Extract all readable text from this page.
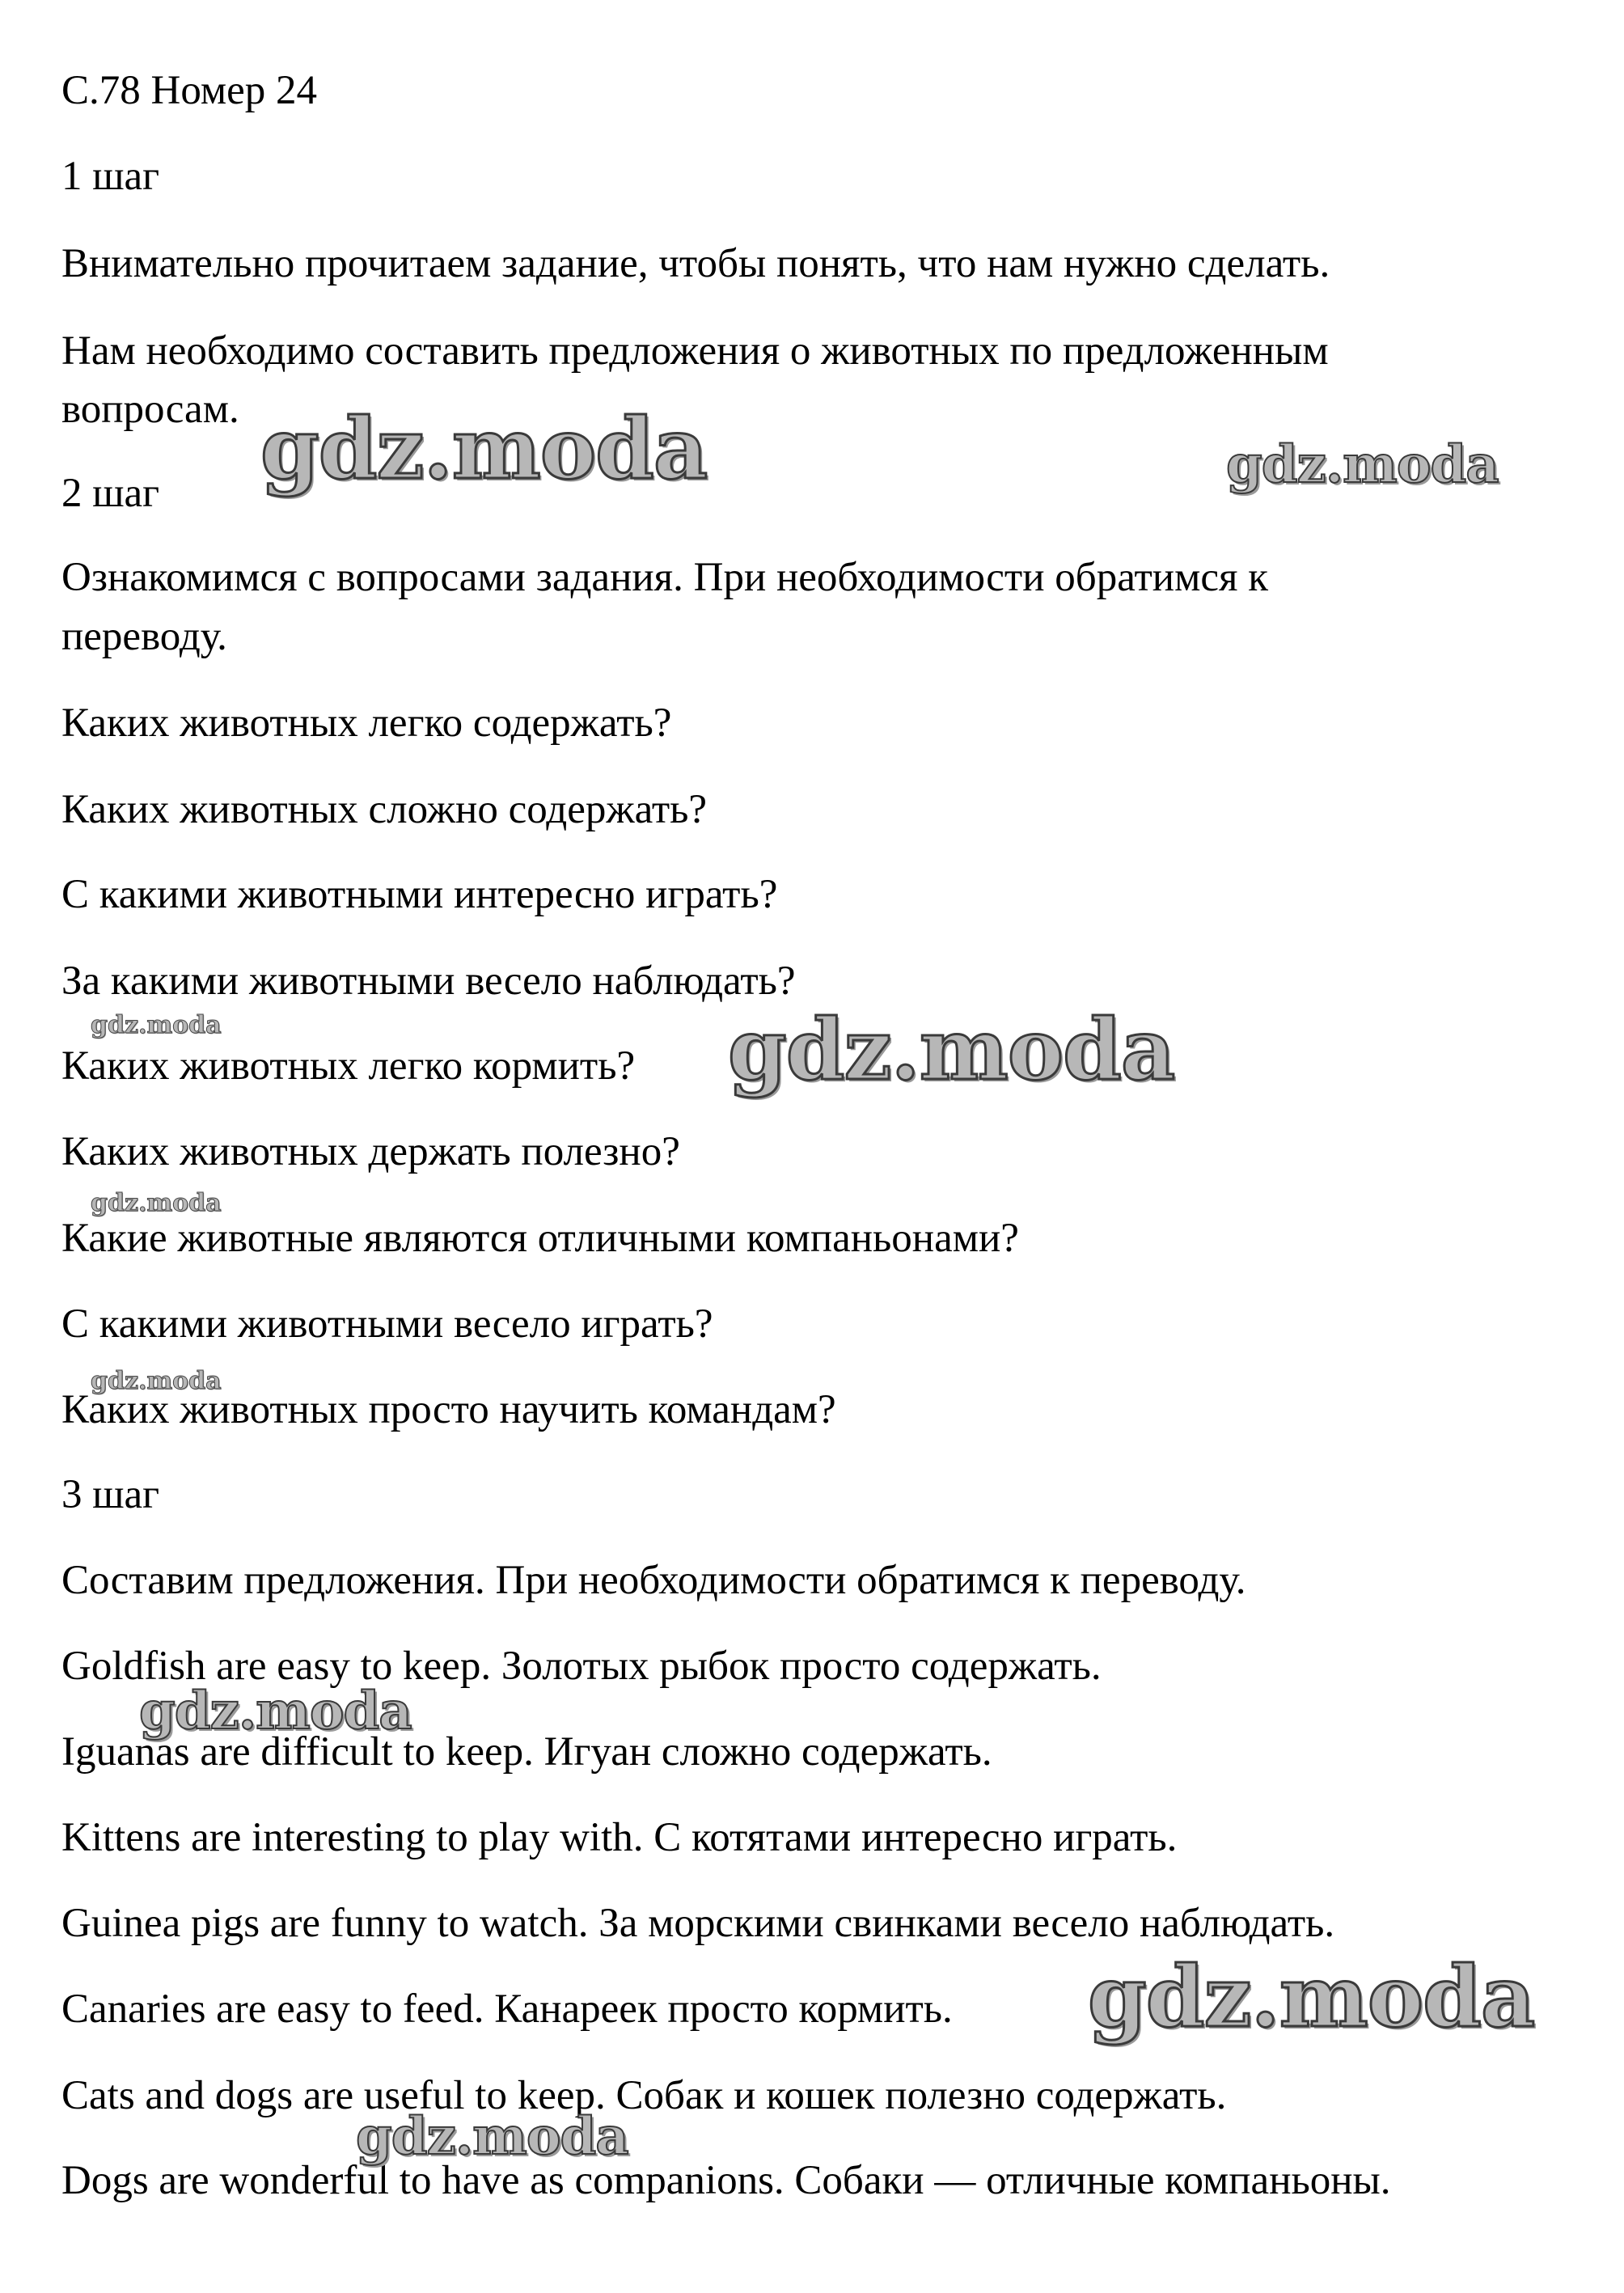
С.78 Номер 24

1 шаг

Внимательно прочитаем задание, чтобы понять, что нам нужно сделать.

Нам необходимо составить предложения о животных по предложенным

вопросам.

2 шаг

Ознакомимся с вопросами задания. При необходимости обратимся к

переводу.

Каких животных легко содержать?

Каких животных сложно содержать?

С какими животными интересно играть?

За какими животными весело наблюдать?

Каких животных легко кормить?

Каких животных держать полезно?

Какие животные являются отличными компаньонами?

С какими животными весело играть?

Каких животных просто научить командам?

3 шаг

Составим предложения. При необходимости обратимся к переводу.

Goldfish are easy to keep. Золотых рыбок просто содержать.

Iguanas are difficult to keep. Игуан сложно содержать.

Kittens are interesting to play with. С котятами интересно играть.

Guinea pigs are funny to watch. За морскими свинками весело наблюдать.

Canaries are easy to feed. Канареек просто кормить.

Cats and dogs are useful to keep. Собак и кошек полезно содержать.

Dogs are wonderful to have as companions. Собаки — отличные компаньоны.

gdz.moda	gdz.moda
gdz.moda	gdz.moda
gdz.moda
gdz.moda
gdz.moda
gdz.moda
gdz.moda
